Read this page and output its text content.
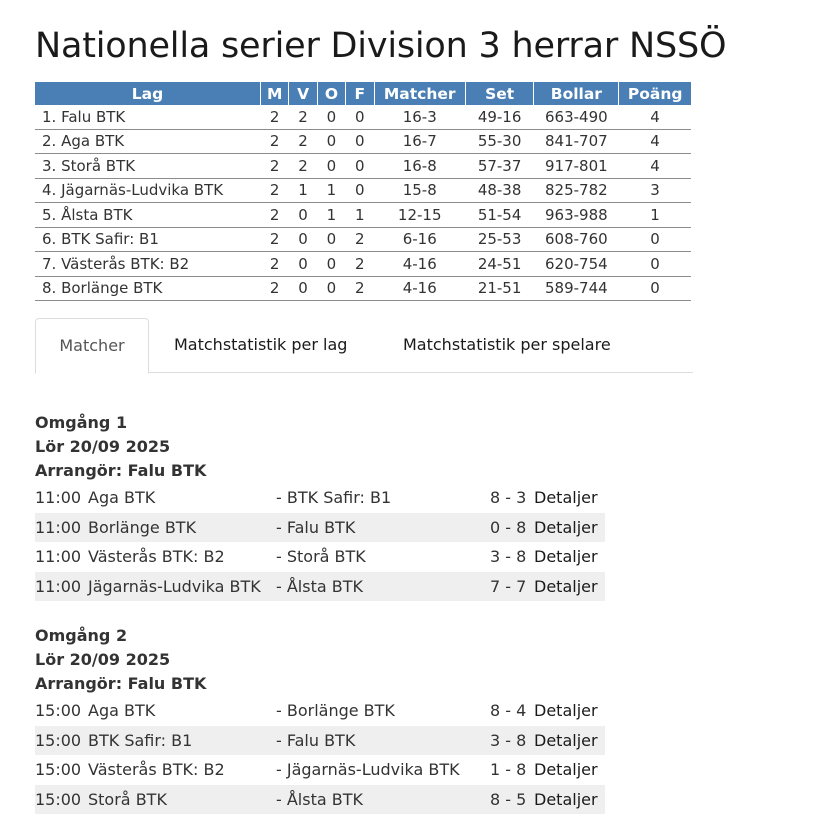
Nationella serier Division 3 herrar NSSÖ
Lag	M	V	O	F	Matcher	Set	Bollar	Poäng
1. Falu BTK	2	2	0	0	16-3	49-16	663-490	4
2. Aga BTK	2	2	0	0	16-7	55-30	841-707	4
3. Storå BTK	2	2	0	0	16-8	57-37	917-801	4
4. Jägarnäs-Ludvika BTK	2	1	1	0	15-8	48-38	825-782	3
5. Ålsta BTK	2	0	1	1	12-15	51-54	963-988	1
6. BTK Safir: B1	2	0	0	2	6-16	25-53	608-760	0
7. Västerås BTK: B2	2	0	0	2	4-16	24-51	620-754	0
8. Borlänge BTK	2	0	0	2	4-16	21-51	589-744	0
Matcher	Matchstatistik per lag	Matchstatistik per spelare
Omgång 1
Lör 20/09 2025
Arrangör: Falu BTK
11:00 Aga BTK	- BTK Safir: B1	8 - 3 Detaljer
11:00 Borlänge BTK	- Falu BTK	0 - 8 Detaljer
11:00 Västerås BTK: B2	- Storå BTK	3 - 8 Detaljer
11:00 Jägarnäs-Ludvika BTK - Ålsta BTK	7 - 7 Detaljer
Omgång 2
Lör 20/09 2025
Arrangör: Falu BTK
15:00 Aga BTK	- Borlänge BTK	8 - 4 Detaljer
15:00 BTK Safir: B1	- Falu BTK	3 - 8 Detaljer
15:00 Västerås BTK: B2	- Jägarnäs-Ludvika BTK 1 - 8 Detaljer
15:00 Storå BTK	- Ålsta BTK	8 - 5 Detaljer
